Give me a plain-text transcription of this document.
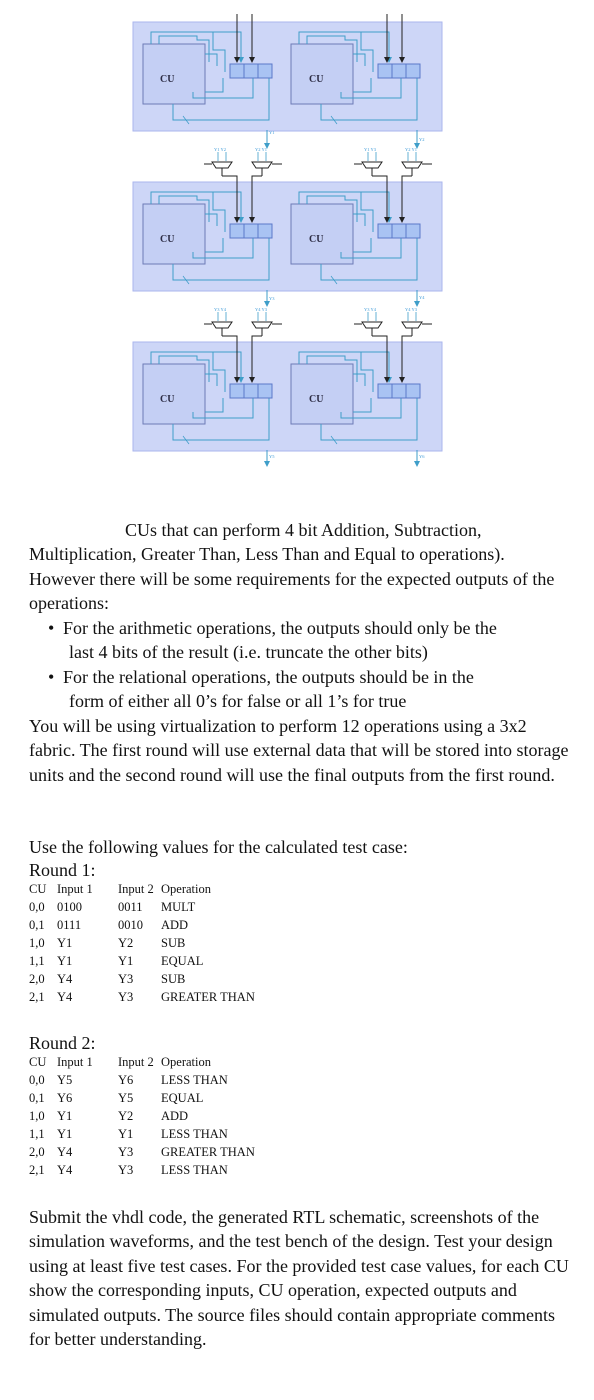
CU	CU
CU	CU
CU	CU
Y1
Y2
Y3	Y4
Y5	Y6
Y1 Y2	Y2 Y1	Y1 Y3	Y2 Y1
Y3 Y4	Y4 Y3	Y3 Y4	Y4 Y3

CUs that can perform 4 bit Addition, Subtraction, Multiplication, Greater Than, Less Than and Equal to operations). However there will be some requirements for the expected outputs of the operations:

• For the arithmetic operations, the outputs should only be the
last 4 bits of the result (i.e. truncate the other bits)
• For the relational operations, the outputs should be in the
form of either all 0’s for false or all 1’s for true

You will be using virtualization to perform 12 operations using a 3x2 fabric. The first round will use external data that will be stored into storage units and the second round will use the final outputs from the first round.

Use the following values for the calculated test case:

Round 1:

CU Input 1	Input 2 Operation
0,0 0100	0011	MULT
0,1 0111	0010	ADD
1,0 Y1	Y2	SUB
1,1 Y1	Y1	EQUAL
2,0 Y4	Y3	SUB
2,1 Y4	Y3	GREATER THAN

Round 2:

CU Input 1	Input 2 Operation
0,0 Y5	Y6	LESS THAN
0,1 Y6	Y5	EQUAL
1,0 Y1	Y2	ADD
1,1 Y1	Y1	LESS THAN
2,0 Y4	Y3	GREATER THAN
2,1 Y4	Y3	LESS THAN

Submit the vhdl code, the generated RTL schematic, screenshots of the simulation waveforms, and the test bench of the design. Test your design using at least five test cases. For the provided test case values, for each CU show the corresponding inputs, CU operation, expected outputs and simulated outputs. The source files should contain appropriate comments for better understanding.
